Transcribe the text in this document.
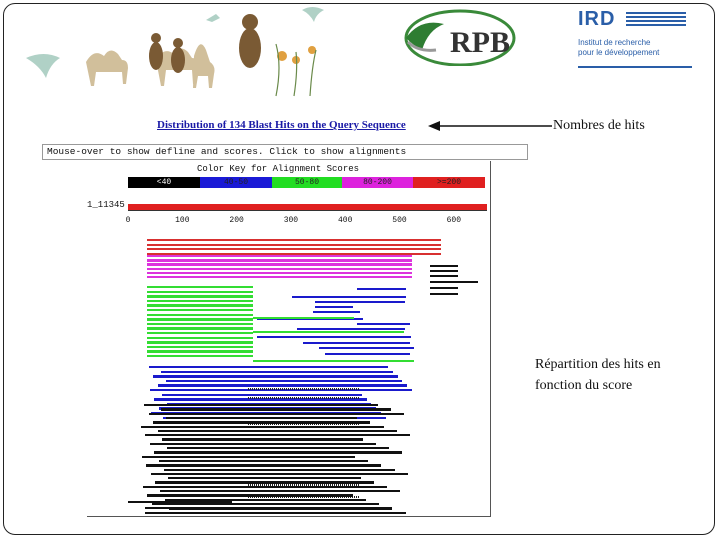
RPB
IRD
Institut de recherche
pour le développement
Distribution of 134 Blast Hits on the Query Sequence	Nombres de hits
Mouse-over to show defline and scores. Click to show alignments
Color Key for Alignment Scores
<40	40-50	50-80	80-200	>=200
1_11345
0	100	200	300	400	500	600
Répartition des hits en fonction du score
